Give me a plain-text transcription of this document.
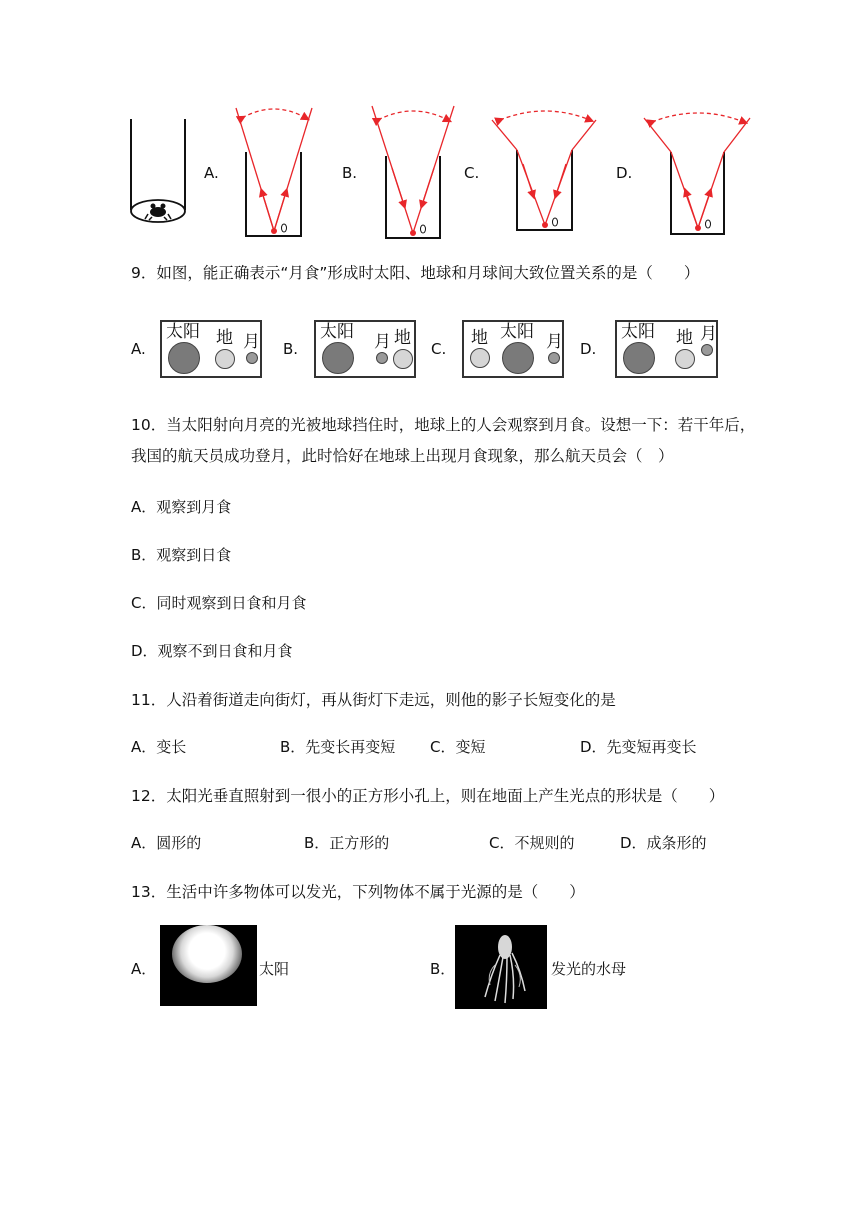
A.	B.	C.	D.
9．如图，能正确表示“月食”形成时太阳、地球和月球间大致位置关系的是（　　）
A.
太阳 地 月 B.
太阳 月 地
C.
地 太阳 月 D.
太阳 地 月
10．当太阳射向月亮的光被地球挡住时，地球上的人会观察到月食。设想一下：若干年后，
我国的航天员成功登月，此时恰好在地球上出现月食现象，那么航天员会（　）
A．观察到月食
B．观察到日食
C．同时观察到日食和月食
D．观察不到日食和月食
11．人沿着街道走向街灯，再从街灯下走远，则他的影子长短变化的是
A．变长	B．先变长再变短 C．变短	D．先变短再变长
12．太阳光垂直照射到一很小的正方形小孔上，则在地面上产生光点的形状是（　　）
A．圆形的	B．正方形的	C．不规则的	D．成条形的
13．生活中许多物体可以发光，下列物体不属于光源的是（　　）
A．	太阳	B．	发光的水母
